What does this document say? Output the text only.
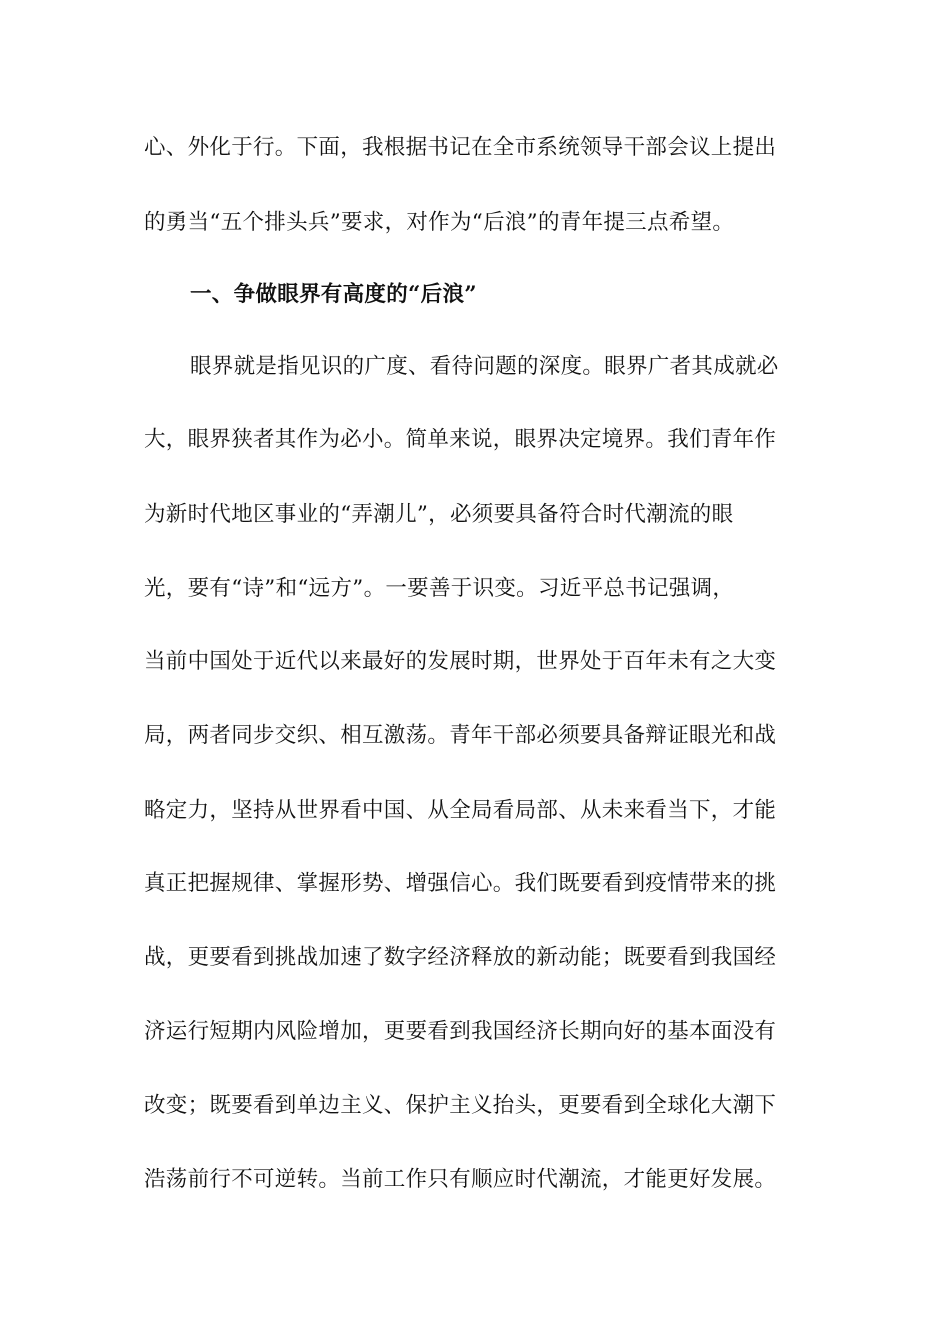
心、外化于行。下面，我根据书记在全市系统领导干部会议上提出
的勇当“五个排头兵”要求，对作为“后浪”的青年提三点希望。
一、争做眼界有高度的“后浪”
眼界就是指见识的广度、看待问题的深度。眼界广者其成就必
大，眼界狭者其作为必小。简单来说，眼界决定境界。我们青年作
为新时代地区事业的“弄潮儿”，必须要具备符合时代潮流的眼
光，要有“诗”和“远方”。一要善于识变。习近平总书记强调，
当前中国处于近代以来最好的发展时期，世界处于百年未有之大变
局，两者同步交织、相互激荡。青年干部必须要具备辩证眼光和战
略定力，坚持从世界看中国、从全局看局部、从未来看当下，才能
真正把握规律、掌握形势、增强信心。我们既要看到疫情带来的挑
战，更要看到挑战加速了数字经济释放的新动能；既要看到我国经
济运行短期内风险增加，更要看到我国经济长期向好的基本面没有
改变；既要看到单边主义、保护主义抬头，更要看到全球化大潮下
浩荡前行不可逆转。当前工作只有顺应时代潮流，才能更好发展。
